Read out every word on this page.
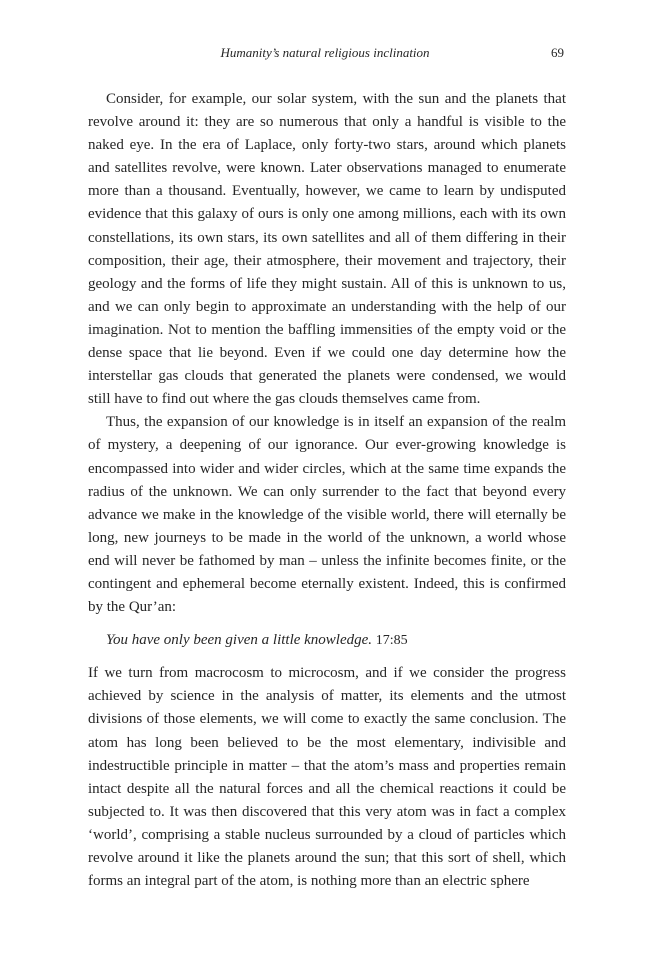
Humanity’s natural religious inclination	69

Consider, for example, our solar system, with the sun and the planets that revolve around it: they are so numerous that only a handful is visible to the naked eye. In the era of Laplace, only forty-two stars, around which planets and satellites revolve, were known. Later observations managed to enumerate more than a thousand. Eventually, however, we came to learn by undisputed evidence that this galaxy of ours is only one among millions, each with its own constellations, its own stars, its own satellites and all of them differing in their composition, their age, their atmosphere, their movement and trajectory, their geology and the forms of life they might sustain. All of this is unknown to us, and we can only begin to approximate an understanding with the help of our imagination. Not to mention the baffling immensities of the empty void or the dense space that lie beyond. Even if we could one day determine how the interstellar gas clouds that generated the planets were condensed, we would still have to find out where the gas clouds themselves came from.

Thus, the expansion of our knowledge is in itself an expansion of the realm of mystery, a deepening of our ignorance. Our ever-growing knowledge is encompassed into wider and wider circles, which at the same time expands the radius of the unknown. We can only surrender to the fact that beyond every advance we make in the knowledge of the visible world, there will eternally be long, new journeys to be made in the world of the unknown, a world whose end will never be fathomed by man – unless the infinite becomes finite, or the contingent and ephemeral become eternally existent. Indeed, this is confirmed by the Qur’an:

You have only been given a little knowledge. 17:85

If we turn from macrocosm to microcosm, and if we consider the progress achieved by science in the analysis of matter, its elements and the utmost divisions of those elements, we will come to exactly the same conclusion. The atom has long been believed to be the most elementary, indivisible and indestructible principle in matter – that the atom’s mass and properties remain intact despite all the natural forces and all the chemical reactions it could be subjected to. It was then discovered that this very atom was in fact a complex ‘world’, comprising a stable nucleus surrounded by a cloud of particles which revolve around it like the planets around the sun; that this sort of shell, which forms an integral part of the atom, is nothing more than an electric sphere
